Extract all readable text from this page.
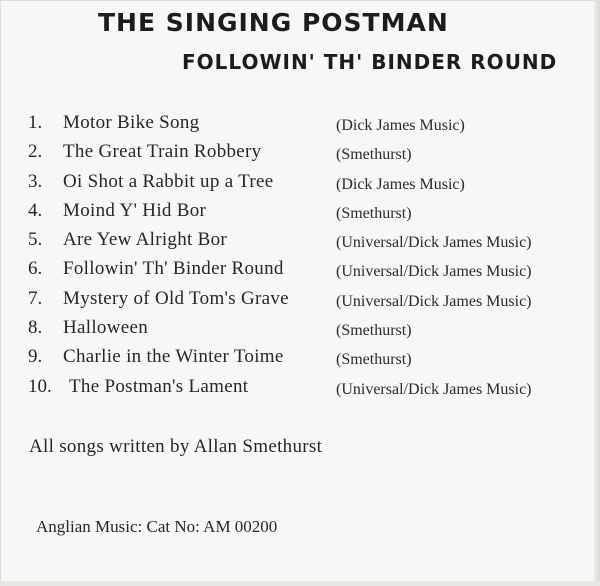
THE SINGING POSTMAN
FOLLOWIN' TH' BINDER ROUND
1. Motor Bike Song	(Dick James Music)
2. The Great Train Robbery	(Smethurst)
3. Oi Shot a Rabbit up a Tree	(Dick James Music)
4. Moind Y' Hid Bor	(Smethurst)
5. Are Yew Alright Bor	(Universal/Dick James Music)
6. Followin' Th' Binder Round	(Universal/Dick James Music)
7. Mystery of Old Tom's Grave	(Universal/Dick James Music)
8. Halloween	(Smethurst)
9. Charlie in the Winter Toime	(Smethurst)
10. The Postman's Lament	(Universal/Dick James Music)
All songs written by Allan Smethurst
Anglian Music: Cat No: AM 00200
